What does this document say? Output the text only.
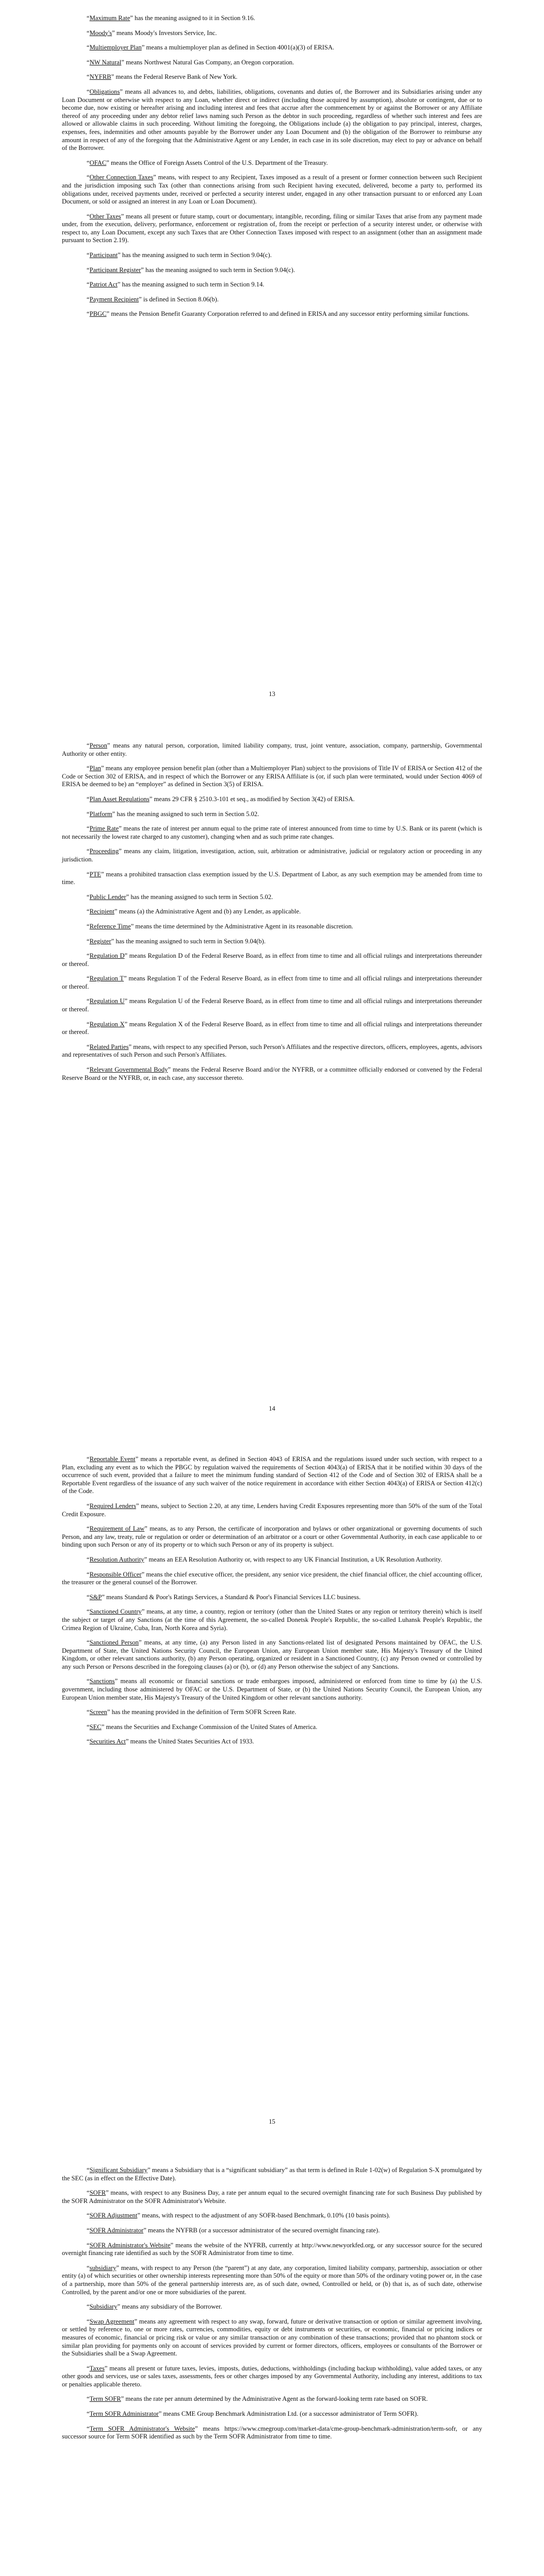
“Maximum Rate” has the meaning assigned to it in Section 9.16.

“Moody's” means Moody's Investors Service, Inc.

“Multiemployer Plan” means a multiemployer plan as defined in Section 4001(a)(3) of ERISA.

“NW Natural” means Northwest Natural Gas Company, an Oregon corporation.

“NYFRB” means the Federal Reserve Bank of New York.

“Obligations” means all advances to, and debts, liabilities, obligations, covenants and duties of, the Borrower and its Subsidiaries arising under any Loan Document or otherwise with respect to any Loan, whether direct or indirect (including those acquired by assumption), absolute or contingent, due or to become due, now existing or hereafter arising and including interest and fees that accrue after the commencement by or against the Borrower or any Affiliate thereof of any proceeding under any debtor relief laws naming such Person as the debtor in such proceeding, regardless of whether such interest and fees are allowed or allowable claims in such proceeding. Without limiting the foregoing, the Obligations include (a) the obligation to pay principal, interest, charges, expenses, fees, indemnities and other amounts payable by the Borrower under any Loan Document and (b) the obligation of the Borrower to reimburse any amount in respect of any of the foregoing that the Administrative Agent or any Lender, in each case in its sole discretion, may elect to pay or advance on behalf of the Borrower.

“OFAC” means the Office of Foreign Assets Control of the U.S. Department of the Treasury.

“Other Connection Taxes” means, with respect to any Recipient, Taxes imposed as a result of a present or former connection between such Recipient and the jurisdiction imposing such Tax (other than connections arising from such Recipient having executed, delivered, become a party to, performed its obligations under, received payments under, received or perfected a security interest under, engaged in any other transaction pursuant to or enforced any Loan Document, or sold or assigned an interest in any Loan or Loan Document).

“Other Taxes” means all present or future stamp, court or documentary, intangible, recording, filing or similar Taxes that arise from any payment made under, from the execution, delivery, performance, enforcement or registration of, from the receipt or perfection of a security interest under, or otherwise with respect to, any Loan Document, except any such Taxes that are Other Connection Taxes imposed with respect to an assignment (other than an assignment made pursuant to Section 2.19).

“Participant” has the meaning assigned to such term in Section 9.04(c).

“Participant Register” has the meaning assigned to such term in Section 9.04(c).

“Patriot Act” has the meaning assigned to such term in Section 9.14.

“Payment Recipient” is defined in Section 8.06(b).

“PBGC” means the Pension Benefit Guaranty Corporation referred to and defined in ERISA and any successor entity performing similar functions.

13

“Person” means any natural person, corporation, limited liability company, trust, joint venture, association, company, partnership, Governmental Authority or other entity.

“Plan” means any employee pension benefit plan (other than a Multiemployer Plan) subject to the provisions of Title IV of ERISA or Section 412 of the Code or Section 302 of ERISA, and in respect of which the Borrower or any ERISA Affiliate is (or, if such plan were terminated, would under Section 4069 of ERISA be deemed to be) an “employer” as defined in Section 3(5) of ERISA.

“Plan Asset Regulations” means 29 CFR § 2510.3-101 et seq., as modified by Section 3(42) of ERISA.

“Platform” has the meaning assigned to such term in Section 5.02.

“Prime Rate” means the rate of interest per annum equal to the prime rate of interest announced from time to time by U.S. Bank or its parent (which is not necessarily the lowest rate charged to any customer), changing when and as such prime rate changes.

“Proceeding” means any claim, litigation, investigation, action, suit, arbitration or administrative, judicial or regulatory action or proceeding in any jurisdiction.

“PTE” means a prohibited transaction class exemption issued by the U.S. Department of Labor, as any such exemption may be amended from time to time.

“Public Lender” has the meaning assigned to such term in Section 5.02.

“Recipient” means (a) the Administrative Agent and (b) any Lender, as applicable.

“Reference Time” means the time determined by the Administrative Agent in its reasonable discretion.

“Register” has the meaning assigned to such term in Section 9.04(b).

“Regulation D” means Regulation D of the Federal Reserve Board, as in effect from time to time and all official rulings and interpretations thereunder or thereof.

“Regulation T” means Regulation T of the Federal Reserve Board, as in effect from time to time and all official rulings and interpretations thereunder or thereof.

“Regulation U” means Regulation U of the Federal Reserve Board, as in effect from time to time and all official rulings and interpretations thereunder or thereof.

“Regulation X” means Regulation X of the Federal Reserve Board, as in effect from time to time and all official rulings and interpretations thereunder or thereof.

“Related Parties” means, with respect to any specified Person, such Person's Affiliates and the respective directors, officers, employees, agents, advisors and representatives of such Person and such Person's Affiliates.

“Relevant Governmental Body” means the Federal Reserve Board and/or the NYFRB, or a committee officially endorsed or convened by the Federal Reserve Board or the NYFRB, or, in each case, any successor thereto.

14

“Reportable Event” means a reportable event, as defined in Section 4043 of ERISA and the regulations issued under such section, with respect to a Plan, excluding any event as to which the PBGC by regulation waived the requirements of Section 4043(a) of ERISA that it be notified within 30 days of the occurrence of such event, provided that a failure to meet the minimum funding standard of Section 412 of the Code and of Section 302 of ERISA shall be a Reportable Event regardless of the issuance of any such waiver of the notice requirement in accordance with either Section 4043(a) of ERISA or Section 412(c) of the Code.

“Required Lenders” means, subject to Section 2.20, at any time, Lenders having Credit Exposures representing more than 50% of the sum of the Total Credit Exposure.

“Requirement of Law” means, as to any Person, the certificate of incorporation and bylaws or other organizational or governing documents of such Person, and any law, treaty, rule or regulation or order or determination of an arbitrator or a court or other Governmental Authority, in each case applicable to or binding upon such Person or any of its property or to which such Person or any of its property is subject.

“Resolution Authority” means an EEA Resolution Authority or, with respect to any UK Financial Institution, a UK Resolution Authority.

“Responsible Officer” means the chief executive officer, the president, any senior vice president, the chief financial officer, the chief accounting officer, the treasurer or the general counsel of the Borrower.

“S&P” means Standard & Poor's Ratings Services, a Standard & Poor's Financial Services LLC business.

“Sanctioned Country” means, at any time, a country, region or territory (other than the United States or any region or territory therein) which is itself the subject or target of any Sanctions (at the time of this Agreement, the so-called Donetsk People's Republic, the so-called Luhansk People's Republic, the Crimea Region of Ukraine, Cuba, Iran, North Korea and Syria).

“Sanctioned Person” means, at any time, (a) any Person listed in any Sanctions-related list of designated Persons maintained by OFAC, the U.S. Department of State, the United Nations Security Council, the European Union, any European Union member state, His Majesty's Treasury of the United Kingdom, or other relevant sanctions authority, (b) any Person operating, organized or resident in a Sanctioned Country, (c) any Person owned or controlled by any such Person or Persons described in the foregoing clauses (a) or (b), or (d) any Person otherwise the subject of any Sanctions.

“Sanctions” means all economic or financial sanctions or trade embargoes imposed, administered or enforced from time to time by (a) the U.S. government, including those administered by OFAC or the U.S. Department of State, or (b) the United Nations Security Council, the European Union, any European Union member state, His Majesty's Treasury of the United Kingdom or other relevant sanctions authority.

“Screen” has the meaning provided in the definition of Term SOFR Screen Rate.

“SEC” means the Securities and Exchange Commission of the United States of America.

“Securities Act” means the United States Securities Act of 1933.

15

“Significant Subsidiary” means a Subsidiary that is a “significant subsidiary” as that term is defined in Rule 1-02(w) of Regulation S-X promulgated by the SEC (as in effect on the Effective Date).

“SOFR” means, with respect to any Business Day, a rate per annum equal to the secured overnight financing rate for such Business Day published by the SOFR Administrator on the SOFR Administrator's Website.

“SOFR Adjustment” means, with respect to the adjustment of any SOFR-based Benchmark, 0.10% (10 basis points).

“SOFR Administrator” means the NYFRB (or a successor administrator of the secured overnight financing rate).

“SOFR Administrator's Website” means the website of the NYFRB, currently at http://www.newyorkfed.org, or any successor source for the secured overnight financing rate identified as such by the SOFR Administrator from time to time.

“subsidiary” means, with respect to any Person (the “parent”) at any date, any corporation, limited liability company, partnership, association or other entity (a) of which securities or other ownership interests representing more than 50% of the equity or more than 50% of the ordinary voting power or, in the case of a partnership, more than 50% of the general partnership interests are, as of such date, owned, Controlled or held, or (b) that is, as of such date, otherwise Controlled, by the parent and/or one or more subsidiaries of the parent.

“Subsidiary” means any subsidiary of the Borrower.

“Swap Agreement” means any agreement with respect to any swap, forward, future or derivative transaction or option or similar agreement involving, or settled by reference to, one or more rates, currencies, commodities, equity or debt instruments or securities, or economic, financial or pricing indices or measures of economic, financial or pricing risk or value or any similar transaction or any combination of these transactions; provided that no phantom stock or similar plan providing for payments only on account of services provided by current or former directors, officers, employees or consultants of the Borrower or the Subsidiaries shall be a Swap Agreement.

“Taxes” means all present or future taxes, levies, imposts, duties, deductions, withholdings (including backup withholding), value added taxes, or any other goods and services, use or sales taxes, assessments, fees or other charges imposed by any Governmental Authority, including any interest, additions to tax or penalties applicable thereto.

“Term SOFR” means the rate per annum determined by the Administrative Agent as the forward-looking term rate based on SOFR.

“Term SOFR Administrator” means CME Group Benchmark Administration Ltd. (or a successor administrator of Term SOFR).

“Term SOFR Administrator's Website” means https://www.cmegroup.com/market-data/cme-group-benchmark-administration/term-sofr, or any successor source for Term SOFR identified as such by the Term SOFR Administrator from time to time.
